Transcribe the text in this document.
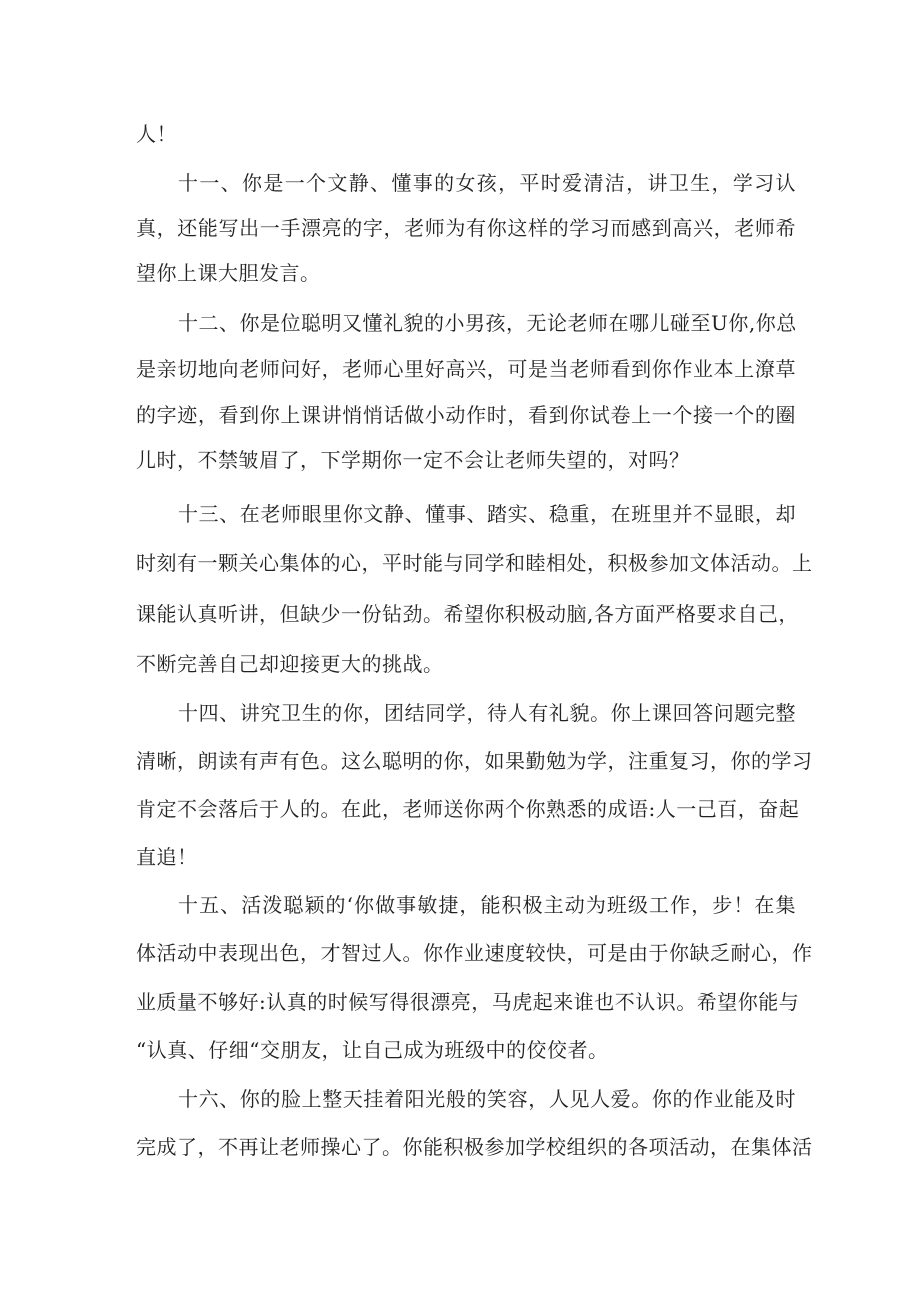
人！
十一、你是一个文静、懂事的女孩，平时爱清洁，讲卫生，学习认
真，还能写出一手漂亮的字，老师为有你这样的学习而感到高兴，老师希
望你上课大胆发言。
十二、你是位聪明又懂礼貌的小男孩，无论老师在哪儿碰至U你,你总
是亲切地向老师问好，老师心里好高兴，可是当老师看到你作业本上潦草
的字迹，看到你上课讲悄悄话做小动作时，看到你试卷上一个接一个的圈
儿时，不禁皱眉了，下学期你一定不会让老师失望的，对吗？
十三、在老师眼里你文静、懂事、踏实、稳重，在班里并不显眼，却
时刻有一颗关心集体的心，平时能与同学和睦相处，积极参加文体活动。上
课能认真听讲，但缺少一份钻劲。希望你积极动脑,各方面严格要求自己，
不断完善自己却迎接更大的挑战。
十四、讲究卫生的你，团结同学，待人有礼貌。你上课回答问题完整
清晰，朗读有声有色。这么聪明的你，如果勤勉为学，注重复习，你的学习
肯定不会落后于人的。在此，老师送你两个你熟悉的成语:人一己百，奋起
直追！
十五、活泼聪颖的‘你做事敏捷，能积极主动为班级工作，步！在集
体活动中表现出色，才智过人。你作业速度较快，可是由于你缺乏耐心，作
业质量不够好:认真的时候写得很漂亮，马虎起来谁也不认识。希望你能与
“认真、仔细“交朋友，让自己成为班级中的佼佼者。
十六、你的脸上整天挂着阳光般的笑容，人见人爱。你的作业能及时
完成了，不再让老师操心了。你能积极参加学校组织的各项活动，在集体活
